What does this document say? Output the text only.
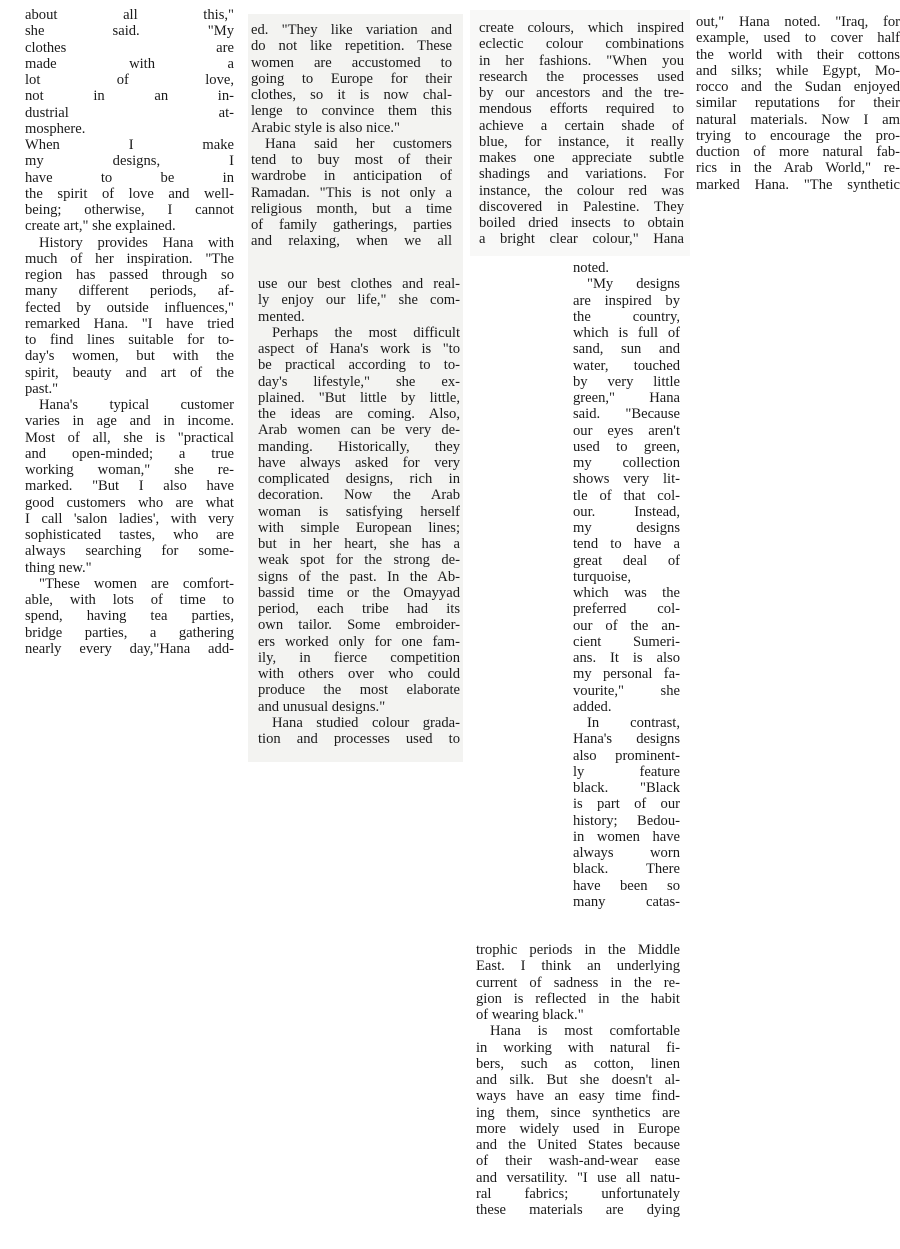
about all this,"
she said. "My
clothes are
made with a
lot of love,
not in an in-
dustrial at-
mosphere.
When I make
my designs, I
have to be in
the spirit of love and well-
being; otherwise, I cannot
create art," she explained.
History provides Hana with
much of her inspiration. "The
region has passed through so
many different periods, af-
fected by outside influences,"
remarked Hana. "I have tried
to find lines suitable for to-
day's women, but with the
spirit, beauty and art of the
past."
Hana's typical customer
varies in age and in income.
Most of all, she is "practical
and open-minded; a true
working woman," she re-
marked. "But I also have
good customers who are what
I call 'salon ladies', with very
sophisticated tastes, who are
always searching for some-
thing new."
"These women are comfort-
able, with lots of time to
spend, having tea parties,
bridge parties, a gathering
nearly every day,"Hana add-
ed. "They like variation and
do not like repetition. These
women are accustomed to
going to Europe for their
clothes, so it is now chal-
lenge to convince them this
Arabic style is also nice."
Hana said her customers
tend to buy most of their
wardrobe in anticipation of
Ramadan. "This is not only a
religious month, but a time
of family gatherings, parties
and relaxing, when we all
use our best clothes and real-
ly enjoy our life," she com-
mented.
Perhaps the most difficult
aspect of Hana's work is "to
be practical according to to-
day's lifestyle," she ex-
plained. "But little by little,
the ideas are coming. Also,
Arab women can be very de-
manding. Historically, they
have always asked for very
complicated designs, rich in
decoration. Now the Arab
woman is satisfying herself
with simple European lines;
but in her heart, she has a
weak spot for the strong de-
signs of the past. In the Ab-
bassid time or the Omayyad
period, each tribe had its
own tailor. Some embroider-
ers worked only for one fam-
ily, in fierce competition
with others over who could
produce the most elaborate
and unusual designs."
Hana studied colour grada-
tion and processes used to
create colours, which inspired
eclectic colour combinations
in her fashions. "When you
research the processes used
by our ancestors and the tre-
mendous efforts required to
achieve a certain shade of
blue, for instance, it really
makes one appreciate subtle
shadings and variations. For
instance, the colour red was
discovered in Palestine. They
boiled dried insects to obtain
a bright clear colour," Hana
noted.
"My designs
are inspired by
the country,
which is full of
sand, sun and
water, touched
by very little
green," Hana
said. "Because
our eyes aren't
used to green,
my collection
shows very lit-
tle of that col-
our. Instead,
my designs
tend to have a
great deal of
turquoise,
which was the
preferred col-
our of the an-
cient Sumeri-
ans. It is also
my personal fa-
vourite," she
added.
In contrast,
Hana's designs
also prominent-
ly feature
black. "Black
is part of our
history; Bedou-
in women have
always worn
black. There
have been so
many catas-
trophic periods in the Middle
East. I think an underlying
current of sadness in the re-
gion is reflected in the habit
of wearing black."
Hana is most comfortable
in working with natural fi-
bers, such as cotton, linen
and silk. But she doesn't al-
ways have an easy time find-
ing them, since synthetics are
more widely used in Europe
and the United States because
of their wash-and-wear ease
and versatility. "I use all natu-
ral fabrics; unfortunately
these materials are dying
out," Hana noted. "Iraq, for
example, used to cover half
the world with their cottons
and silks; while Egypt, Mo-
rocco and the Sudan enjoyed
similar reputations for their
natural materials. Now I am
trying to encourage the pro-
duction of more natural fab-
rics in the Arab World," re-
marked Hana. "The synthetic
